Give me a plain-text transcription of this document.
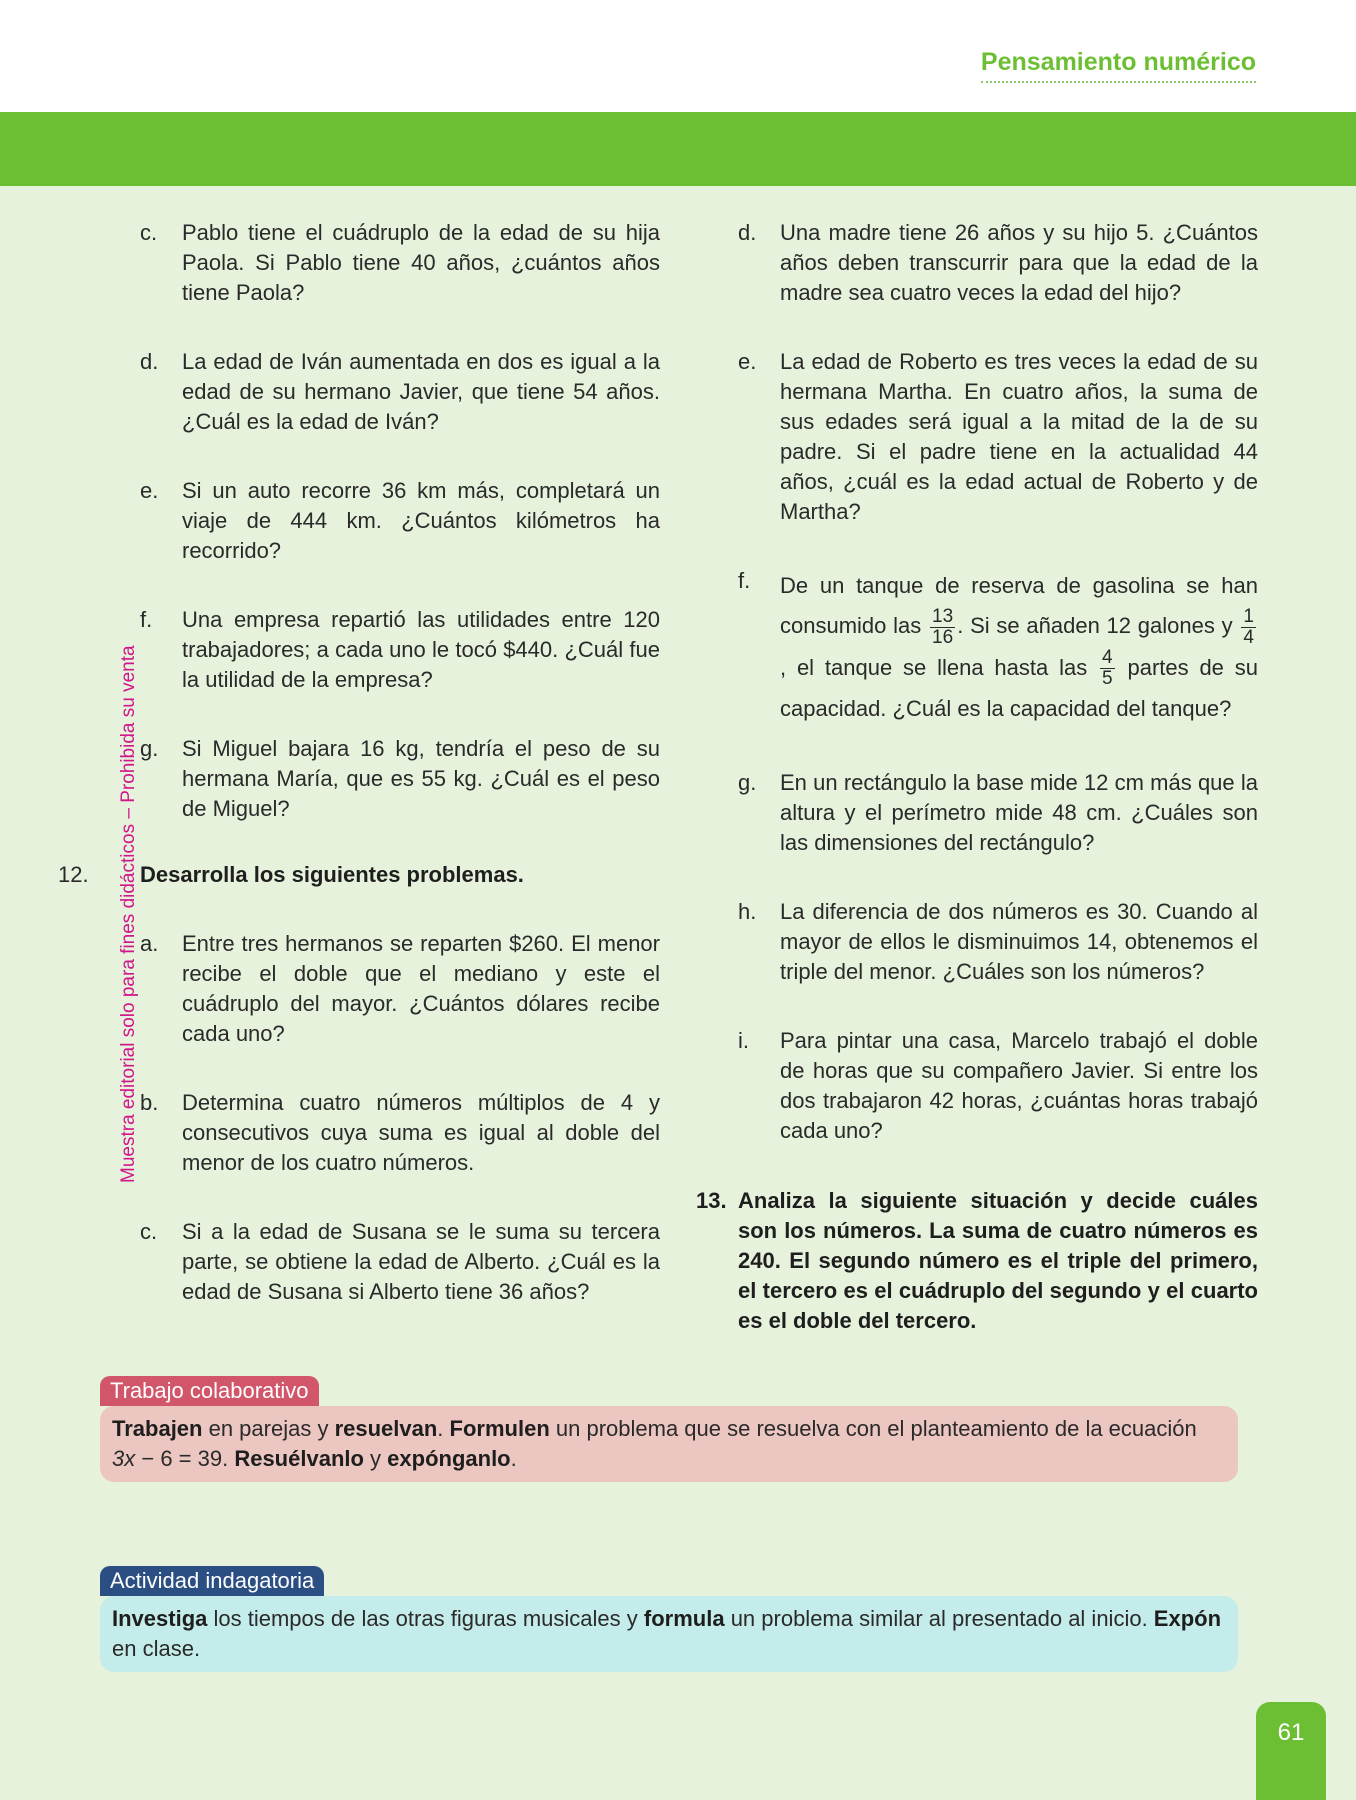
Pensamiento numérico
Muestra editorial solo para fines didácticos – Prohibida su venta
c. Pablo tiene el cuádruplo de la edad de su hija Paola. Si Pablo tiene 40 años, ¿cuántos años tiene Paola?
d. La edad de Iván aumentada en dos es igual a la edad de su hermano Javier, que tiene 54 años. ¿Cuál es la edad de Iván?
e. Si un auto recorre 36 km más, completará un viaje de 444 km. ¿Cuántos kilómetros ha recorrido?
f. Una empresa repartió las utilidades entre 120 trabajadores; a cada uno le tocó $440. ¿Cuál fue la utilidad de la empresa?
g. Si Miguel bajara 16 kg, tendría el peso de su hermana María, que es 55 kg. ¿Cuál es el peso de Miguel?
12. Desarrolla los siguientes problemas.
a. Entre tres hermanos se reparten $260. El menor recibe el doble que el mediano y este el cuádruplo del mayor. ¿Cuántos dólares recibe cada uno?
b. Determina cuatro números múltiplos de 4 y consecutivos cuya suma es igual al doble del menor de los cuatro números.
c. Si a la edad de Susana se le suma su tercera parte, se obtiene la edad de Alberto. ¿Cuál es la edad de Susana si Alberto tiene 36 años?
d. Una madre tiene 26 años y su hijo 5. ¿Cuántos años deben transcurrir para que la edad de la madre sea cuatro veces la edad del hijo?
e. La edad de Roberto es tres veces la edad de su hermana Martha. En cuatro años, la suma de sus edades será igual a la mitad de la de su padre. Si el padre tiene en la actualidad 44 años, ¿cuál es la edad actual de Roberto y de Martha?
f. De un tanque de reserva de gasolina se han consumido las $\frac{13}{16}$ . Si se añaden 12 galones y $\frac{1}{4}$
, el tanque se llena hasta las $\frac{4}{5}$ partes de su capacidad. ¿Cuál es la capacidad del tanque?
g. En un rectángulo la base mide 12 cm más que la altura y el perímetro mide 48 cm. ¿Cuáles son las dimensiones del rectángulo?
h. La diferencia de dos números es 30. Cuando al mayor de ellos le disminuimos 14, obtenemos el triple del menor. ¿Cuáles son los números?
i. Para pintar una casa, Marcelo trabajó el doble de horas que su compañero Javier. Si entre los dos trabajaron 42 horas, ¿cuántas horas trabajó cada uno?
13. Analiza la siguiente situación y decide cuáles son los números. La suma de cuatro números es 240. El segundo número es el triple del primero, el tercero es el cuádruplo del segundo y el cuarto es el doble del tercero.
Trabajo colaborativo
Trabajen en parejas y resuelvan. Formulen un problema que se resuelva con el planteamiento de la ecuación 3x − 6 = 39. Resuélvanlo y expónganlo.
Actividad indagatoria
Investiga los tiempos de las otras figuras musicales y formula un problema similar al presentado al inicio. Expón en clase.
61
